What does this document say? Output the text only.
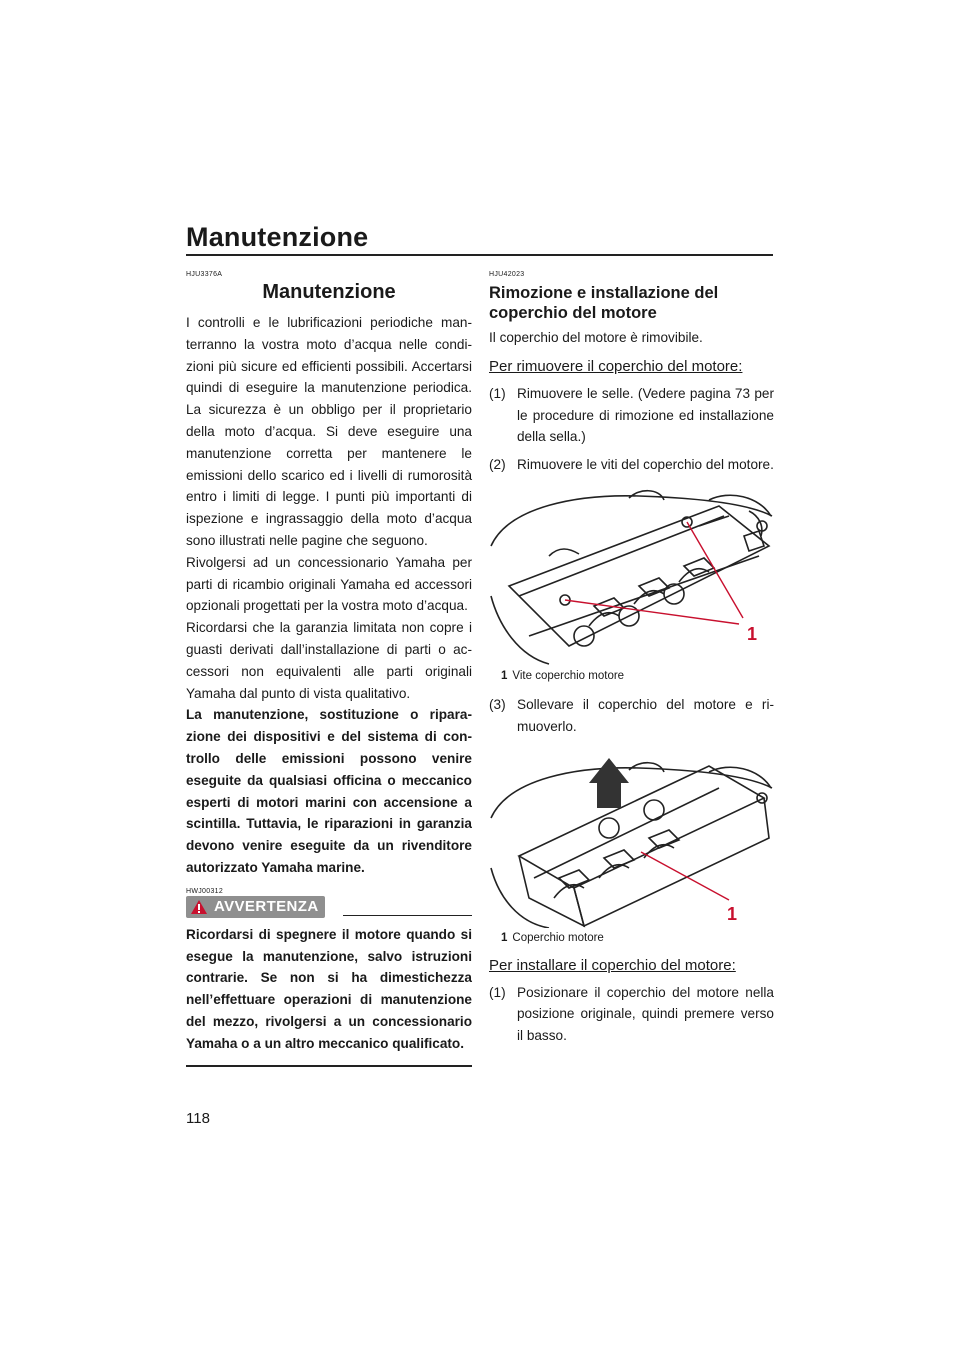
Manutenzione

HJU3376A

Manutenzione

I controlli e le lubrificazioni periodiche manterranno la vostra moto d’acqua nelle condizioni più sicure ed efficienti possibili. Accertarsi quindi di eseguire la manutenzione periodica. La sicurezza è un obbligo per il proprietario della moto d’acqua. Si deve eseguire una manutenzione corretta per mantenere le emissioni dello scarico ed i livelli di rumorosità entro i limiti di legge. I punti più importanti di ispezione e ingrassaggio della moto d’acqua sono illustrati nelle pagine che seguono.

Rivolgersi ad un concessionario Yamaha per parti di ricambio originali Yamaha ed accessori opzionali progettati per la vostra moto d’acqua.

Ricordarsi che la garanzia limitata non copre i guasti derivati dall’installazione di parti o accessori non equivalenti alle parti originali Yamaha dal punto di vista qualitativo.

La manutenzione, sostituzione o riparazione dei dispositivi e del sistema di controllo delle emissioni possono venire eseguite da qualsiasi officina o meccanico esperti di motori marini con accensione a scintilla. Tuttavia, le riparazioni in garanzia devono venire eseguite da un rivenditore autorizzato Yamaha marine.

HWJ00312

AVVERTENZA

Ricordarsi di spegnere il motore quando si esegue la manutenzione, salvo istruzioni contrarie. Se non si ha dimestichezza nell’effettuare operazioni di manutenzione del mezzo, rivolgersi a un concessionario Yamaha o a un altro meccanico qualificato.

HJU42023

Rimozione e installazione del coperchio del motore

Il coperchio del motore è rimovibile.

Per rimuovere il coperchio del motore:
(1) Rimuovere le selle. (Vedere pagina 73 per le procedure di rimozione ed installazione della sella.)
(2) Rimuovere le viti del coperchio del motore.
1
1 Vite coperchio motore
(3) Sollevare il coperchio del motore e rimuoverlo.
1
1 Coperchio motore
Per installare il coperchio del motore:
(1) Posizionare il coperchio del motore nella posizione originale, quindi premere verso il basso.
118
